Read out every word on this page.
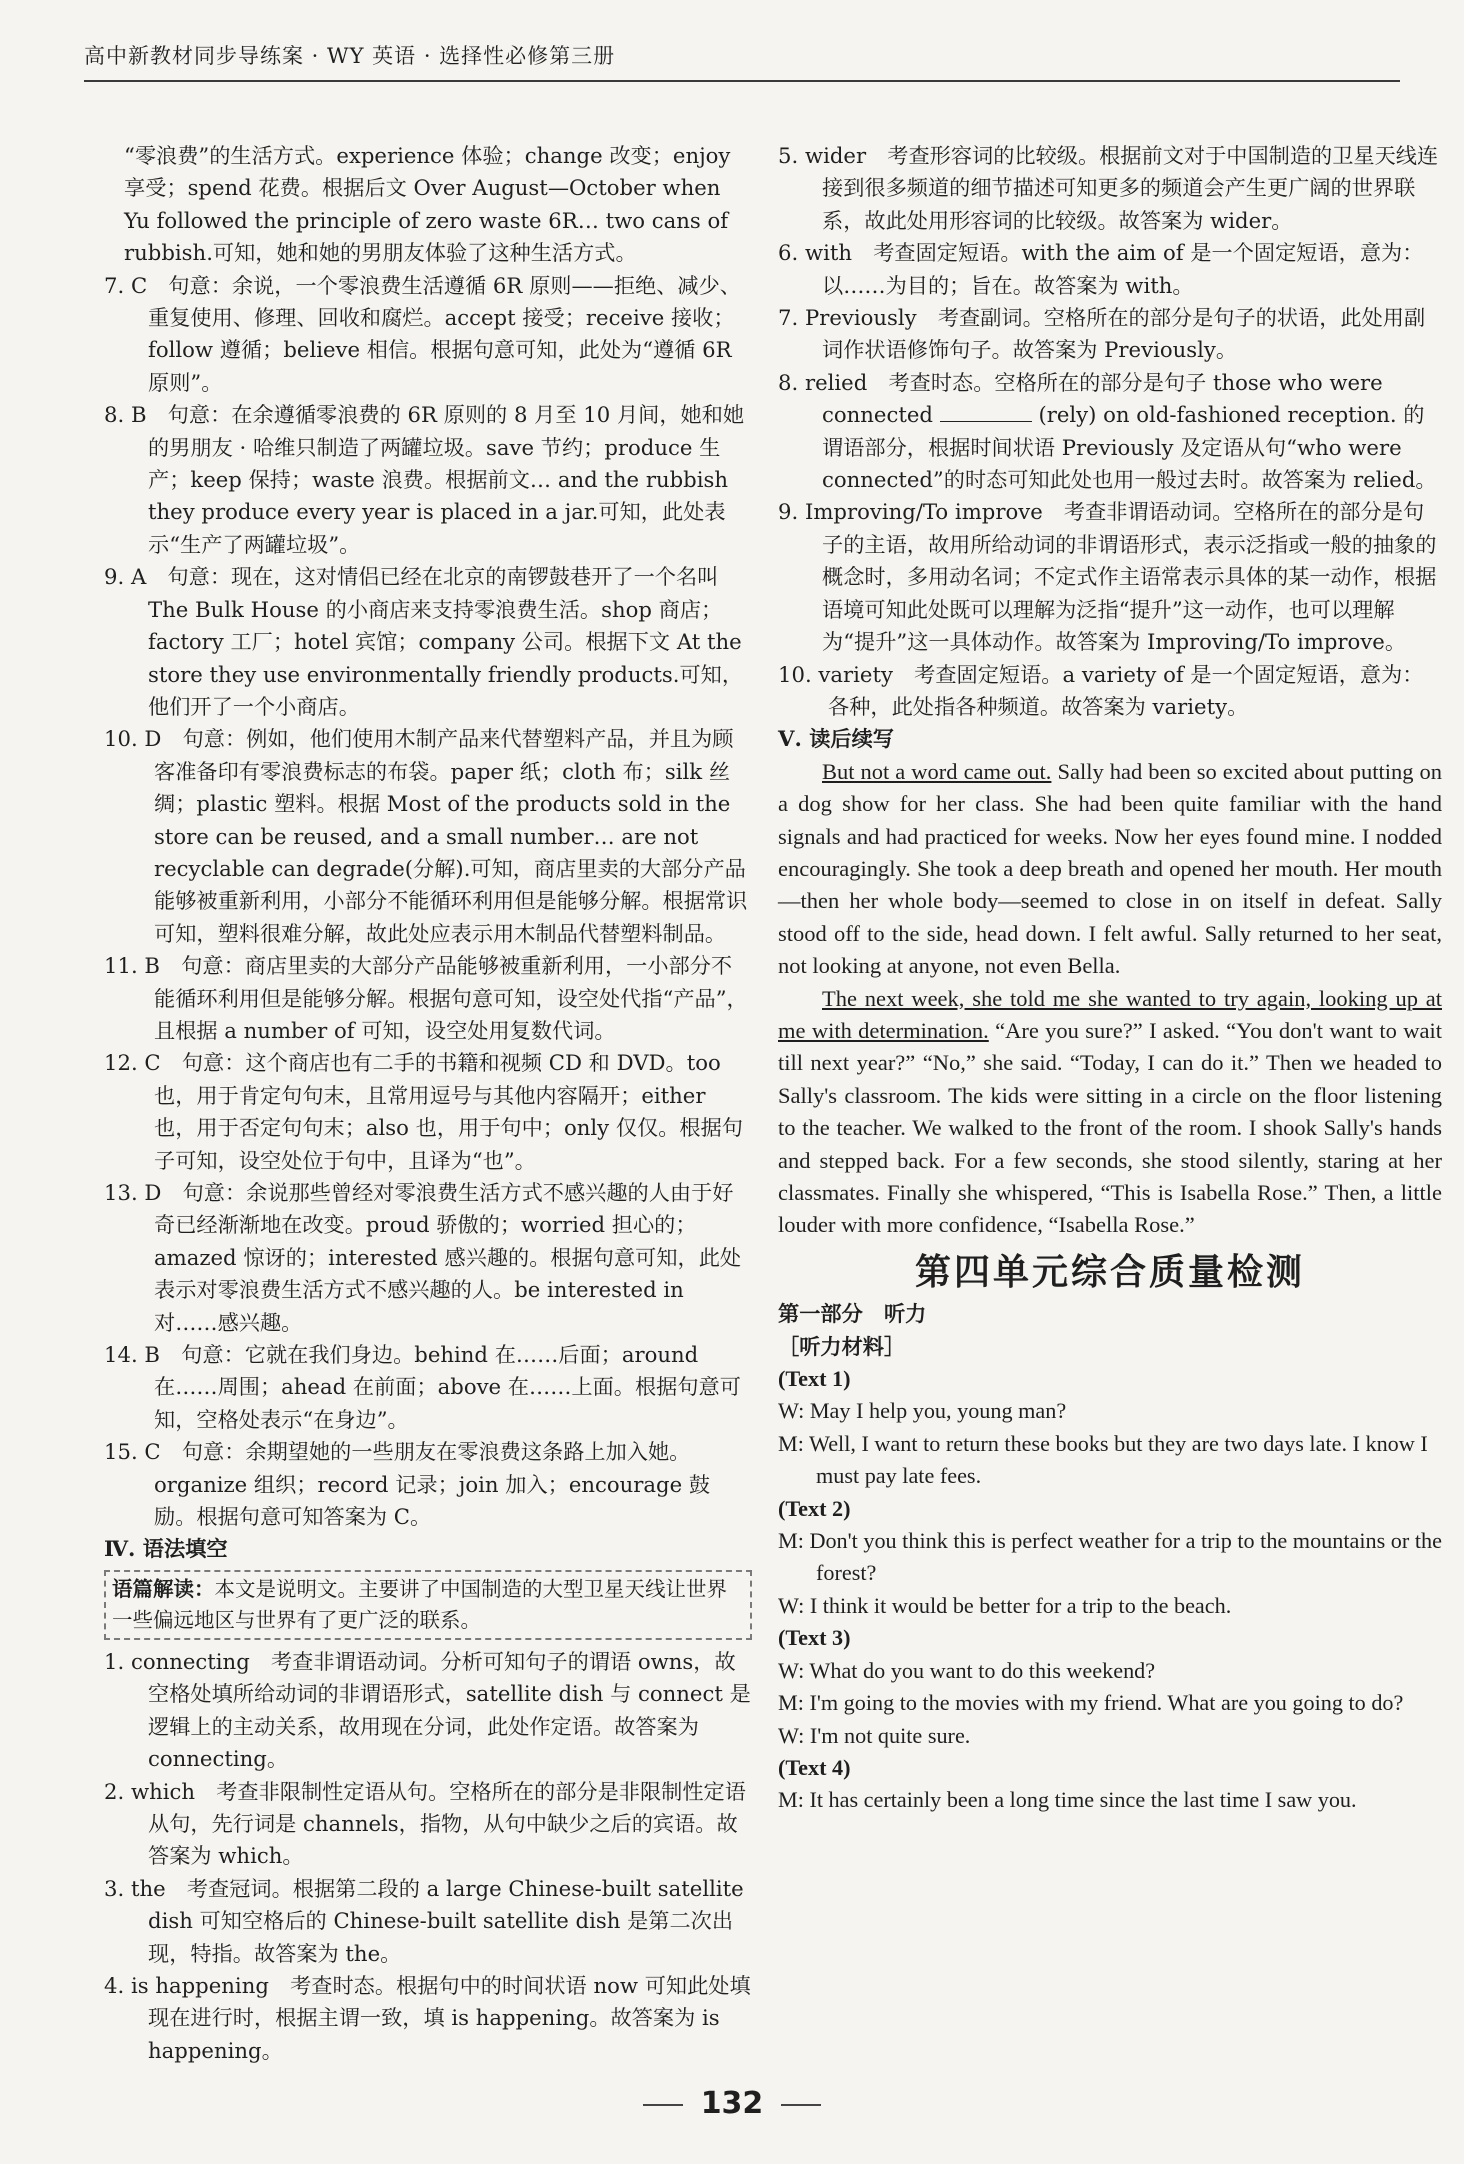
高中新教材同步导练案 · WY 英语 · 选择性必修第三册

“零浪费”的生活方式。experience 体验；change 改变；enjoy 享受；spend 花费。根据后文 Over August—October when Yu followed the principle of zero waste 6R… two cans of rubbish.可知，她和她的男朋友体验了这种生活方式。

7. C　句意：余说，一个零浪费生活遵循 6R 原则——拒绝、减少、重复使用、修理、回收和腐烂。accept 接受；receive 接收；follow 遵循；believe 相信。根据句意可知，此处为“遵循 6R 原则”。

8. B　句意：在余遵循零浪费的 6R 原则的 8 月至 10 月间，她和她的男朋友 · 哈维只制造了两罐垃圾。save 节约；produce 生产；keep 保持；waste 浪费。根据前文… and the rubbish they produce every year is placed in a jar.可知，此处表示“生产了两罐垃圾”。

9. A　句意：现在，这对情侣已经在北京的南锣鼓巷开了一个名叫 The Bulk House 的小商店来支持零浪费生活。shop 商店；factory 工厂；hotel 宾馆；company 公司。根据下文 At the store they use environmentally friendly products.可知，他们开了一个小商店。

10. D　句意：例如，他们使用木制产品来代替塑料产品，并且为顾客准备印有零浪费标志的布袋。paper 纸；cloth 布；silk 丝绸；plastic 塑料。根据 Most of the products sold in the store can be reused, and a small number… are not recyclable can degrade(分解).可知，商店里卖的大部分产品能够被重新利用，小部分不能循环利用但是能够分解。根据常识可知，塑料很难分解，故此处应表示用木制品代替塑料制品。

11. B　句意：商店里卖的大部分产品能够被重新利用，一小部分不能循环利用但是能够分解。根据句意可知，设空处代指“产品”，且根据 a number of 可知，设空处用复数代词。

12. C　句意：这个商店也有二手的书籍和视频 CD 和 DVD。too 也，用于肯定句句末，且常用逗号与其他内容隔开；either 也，用于否定句句末；also 也，用于句中；only 仅仅。根据句子可知，设空处位于句中，且译为“也”。

13. D　句意：余说那些曾经对零浪费生活方式不感兴趣的人由于好奇已经渐渐地在改变。proud 骄傲的；worried 担心的；amazed 惊讶的；interested 感兴趣的。根据句意可知，此处表示对零浪费生活方式不感兴趣的人。be interested in 对……感兴趣。

14. B　句意：它就在我们身边。behind 在……后面；around 在……周围；ahead 在前面；above 在……上面。根据句意可知，空格处表示“在身边”。

15. C　句意：余期望她的一些朋友在零浪费这条路上加入她。organize 组织；record 记录；join 加入；encourage 鼓励。根据句意可知答案为 C。

Ⅳ. 语法填空

语篇解读：本文是说明文。主要讲了中国制造的大型卫星天线让世界一些偏远地区与世界有了更广泛的联系。

1. connecting　考查非谓语动词。分析可知句子的谓语 owns，故空格处填所给动词的非谓语形式，satellite dish 与 connect 是逻辑上的主动关系，故用现在分词，此处作定语。故答案为 connecting。

2. which　考查非限制性定语从句。空格所在的部分是非限制性定语从句，先行词是 channels，指物，从句中缺少之后的宾语。故答案为 which。

3. the　考查冠词。根据第二段的 a large Chinese-built satellite dish 可知空格后的 Chinese-built satellite dish 是第二次出现，特指。故答案为 the。

4. is happening　考查时态。根据句中的时间状语 now 可知此处填现在进行时，根据主谓一致，填 is happening。故答案为 is happening。

5. wider　考查形容词的比较级。根据前文对于中国制造的卫星天线连接到很多频道的细节描述可知更多的频道会产生更广阔的世界联系，故此处用形容词的比较级。故答案为 wider。

6. with　考查固定短语。with the aim of 是一个固定短语，意为：以……为目的；旨在。故答案为 with。

7. Previously　考查副词。空格所在的部分是句子的状语，此处用副词作状语修饰句子。故答案为 Previously。

8. relied　考查时态。空格所在的部分是句子 those who were connected	(rely) on old-fashioned reception. 的谓语部分，根据时间状语 Previously 及定语从句“who were connected”的时态可知此处也用一般过去时。故答案为 relied。

9. Improving/To improve　考查非谓语动词。空格所在的部分是句子的主语，故用所给动词的非谓语形式，表示泛指或一般的抽象的概念时，多用动名词；不定式作主语常表示具体的某一动作，根据语境可知此处既可以理解为泛指“提升”这一动作，也可以理解为“提升”这一具体动作。故答案为 Improving/To improve。

10. variety　考查固定短语。a variety of 是一个固定短语，意为：各种，此处指各种频道。故答案为 variety。

Ⅴ. 读后续写

But not a word came out. Sally had been so excited about putting on a dog show for her class. She had been quite familiar with the hand signals and had practiced for weeks. Now her eyes found mine. I nodded encouragingly. She took a deep breath and opened her mouth. Her mouth—then her whole body—seemed to close in on itself in defeat. Sally stood off to the side, head down. I felt awful. Sally returned to her seat, not looking at anyone, not even Bella.

The next week, she told me she wanted to try again, looking up at me with determination. “Are you sure?” I asked. “You don't want to wait till next year?” “No,” she said. “Today, I can do it.” Then we headed to Sally's classroom. The kids were sitting in a circle on the floor listening to the teacher. We walked to the front of the room. I shook Sally's hands and stepped back. For a few seconds, she stood silently, staring at her classmates. Finally she whispered, “This is Isabella Rose.” Then, a little louder with more confidence, “Isabella Rose.”

第四单元综合质量检测

第一部分　听力

［听力材料］

(Text 1)

W: May I help you, young man?

M: Well, I want to return these books but they are two days late. I know I must pay late fees.

(Text 2)

M: Don't you think this is perfect weather for a trip to the mountains or the forest?

W: I think it would be better for a trip to the beach.

(Text 3)

W: What do you want to do this weekend?

M: I'm going to the movies with my friend. What are you going to do?

W: I'm not quite sure.

(Text 4)

M: It has certainly been a long time since the last time I saw you.

132
